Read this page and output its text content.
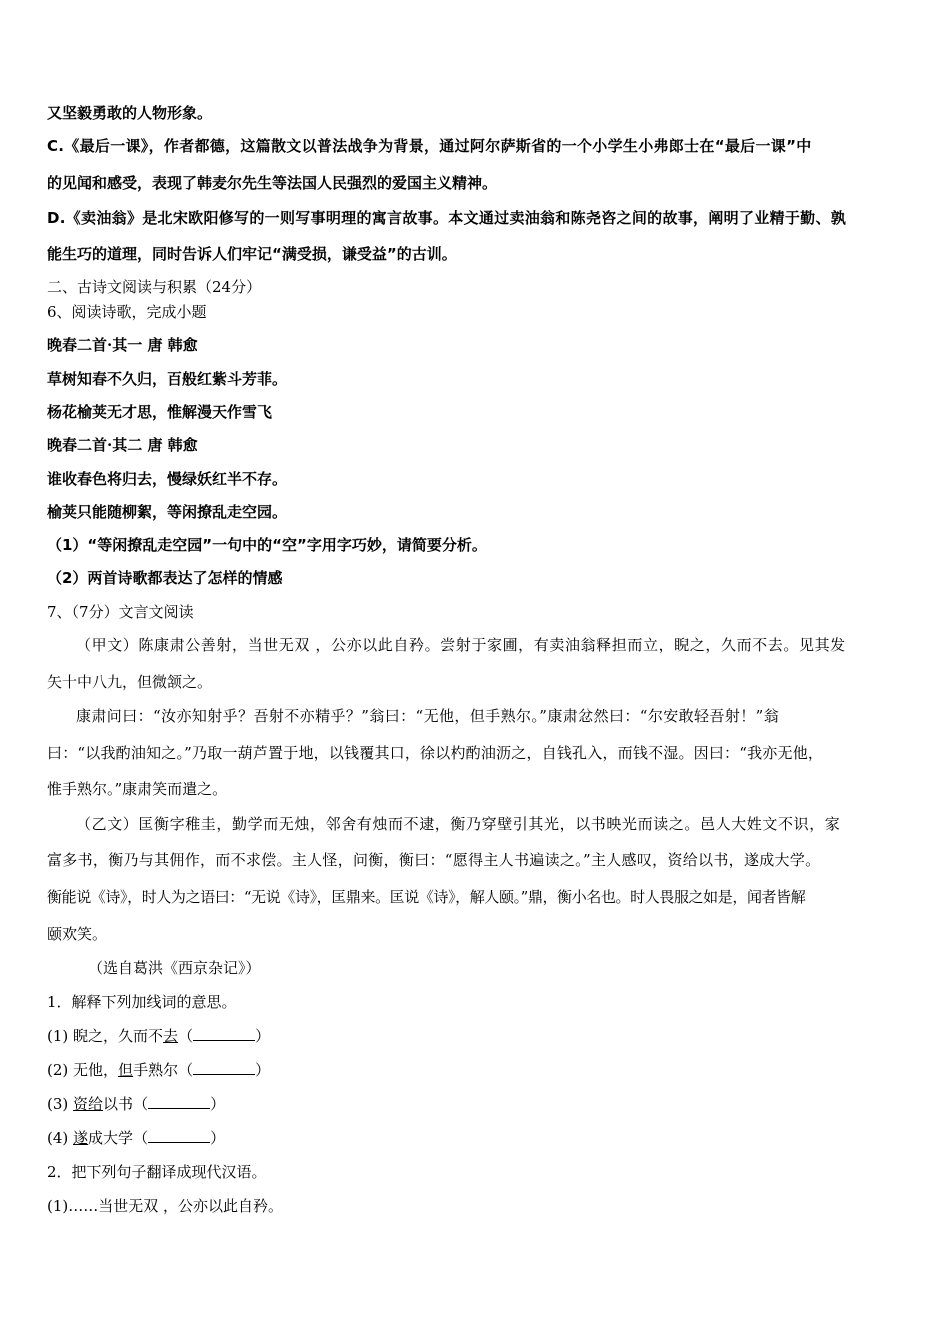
又坚毅勇敢的人物形象。
C.《最后一课》，作者都德，这篇散文以普法战争为背景，通过阿尔萨斯省的一个小学生小弗郎士在“最后一课”中
的见闻和感受，表现了韩麦尔先生等法国人民强烈的爱国主义精神。
D.《卖油翁》是北宋欧阳修写的一则写事明理的寓言故事。本文通过卖油翁和陈尧咨之间的故事，阐明了业精于勤、孰
能生巧的道理，同时告诉人们牢记“满受损，谦受益”的古训。
二、古诗文阅读与积累（24分）
6、阅读诗歌，完成小题
晚春二首·其一 唐 韩愈
草树知春不久归，百般红紫斗芳菲。
杨花榆荚无才思，惟解漫天作雪飞
晚春二首·其二 唐 韩愈
谁收春色将归去，慢绿妖红半不存。
榆荚只能随柳絮，等闲撩乱走空园。
（1）“等闲撩乱走空园”一句中的“空”字用字巧妙，请简要分析。
（2）两首诗歌都表达了怎样的情感
7、（7分）文言文阅读
（甲文）陈康肃公善射，当世无双 ，公亦以此自矜。尝射于家圃，有卖油翁释担而立，睨之，久而不去。见其发
矢十中八九，但微颔之。
康肃问曰：“汝亦知射乎？吾射不亦精乎？”翁曰：“无他，但手熟尔。”康肃忿然曰：“尔安敢轻吾射！”翁
曰：“以我酌油知之。”乃取一葫芦置于地，以钱覆其口，徐以杓酌油沥之，自钱孔入，而钱不湿。因曰：“我亦无他，
惟手熟尔。”康肃笑而遣之。
（乙文）匡衡字稚圭，勤学而无烛，邻舍有烛而不逮，衡乃穿壁引其光，以书映光而读之。邑人大姓文不识，家
富多书，衡乃与其佣作，而不求偿。主人怪，问衡，衡曰：“愿得主人书遍读之。”主人感叹，资给以书，遂成大学。
衡能说《诗》，时人为之语曰：“无说《诗》，匡鼎来。匡说《诗》，解人颐。”鼎，衡小名也。时人畏服之如是，闻者皆解
颐欢笑。
（选自葛洪《西京杂记》）
1．解释下列加线词的意思。
(1) 睨之，久而不去（	）
(2) 无他，但手熟尔（	）
(3) 资给以书（	）
(4) 遂成大学（	）
2．把下列句子翻译成现代汉语。
(1)……当世无双 ，公亦以此自矜。
